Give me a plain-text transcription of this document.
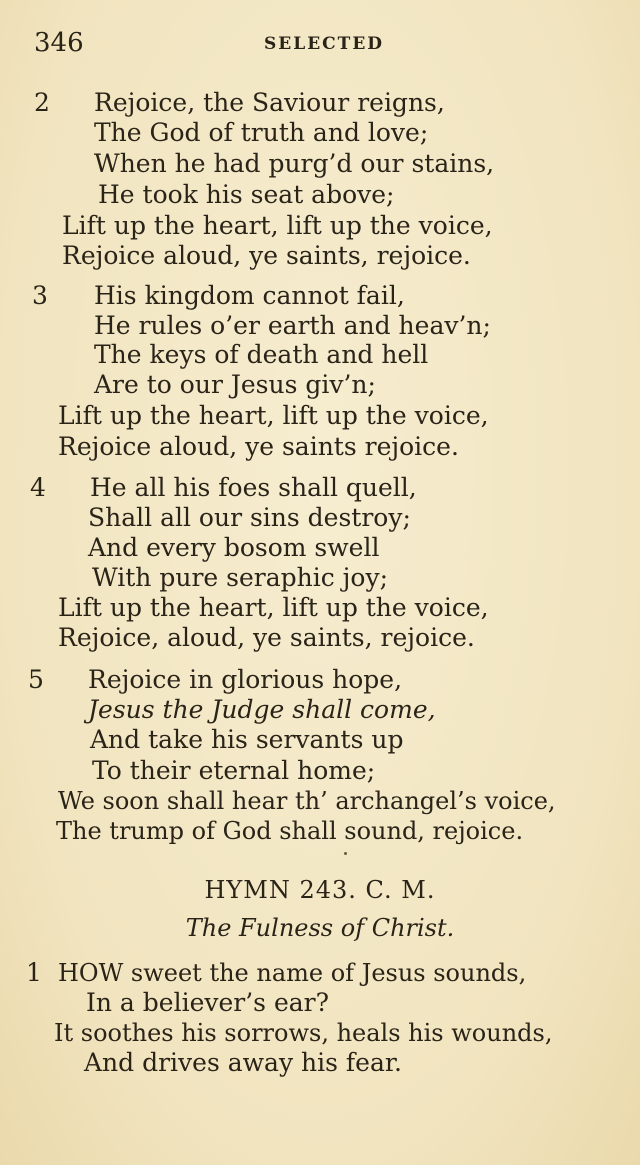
346	SELECTED
2 Rejoice, the Saviour reigns,
The God of truth and love;
When he had purg’d our stains,
He took his seat above;
Lift up the heart, lift up the voice,
Rejoice aloud, ye saints, rejoice.
3 His kingdom cannot fail,
He rules o’er earth and heav’n;
The keys of death and hell
Are to our Jesus giv’n;
Lift up the heart, lift up the voice,
Rejoice aloud, ye saints rejoice.
4 He all his foes shall quell,
Shall all our sins destroy;
And every bosom swell
With pure seraphic joy;
Lift up the heart, lift up the voice,
Rejoice, aloud, ye saints, rejoice.
5 Rejoice in glorious hope,
Jesus the Judge shall come,
And take his servants up
To their eternal home;
We soon shall hear th’ archangel’s voice,
The trump of God shall sound, rejoice.
HYMN 243. C. M.
The Fulness of Christ.
1 HOW sweet the name of Jesus sounds,
In a believer’s ear?
It soothes his sorrows, heals his wounds,
And drives away his fear.
